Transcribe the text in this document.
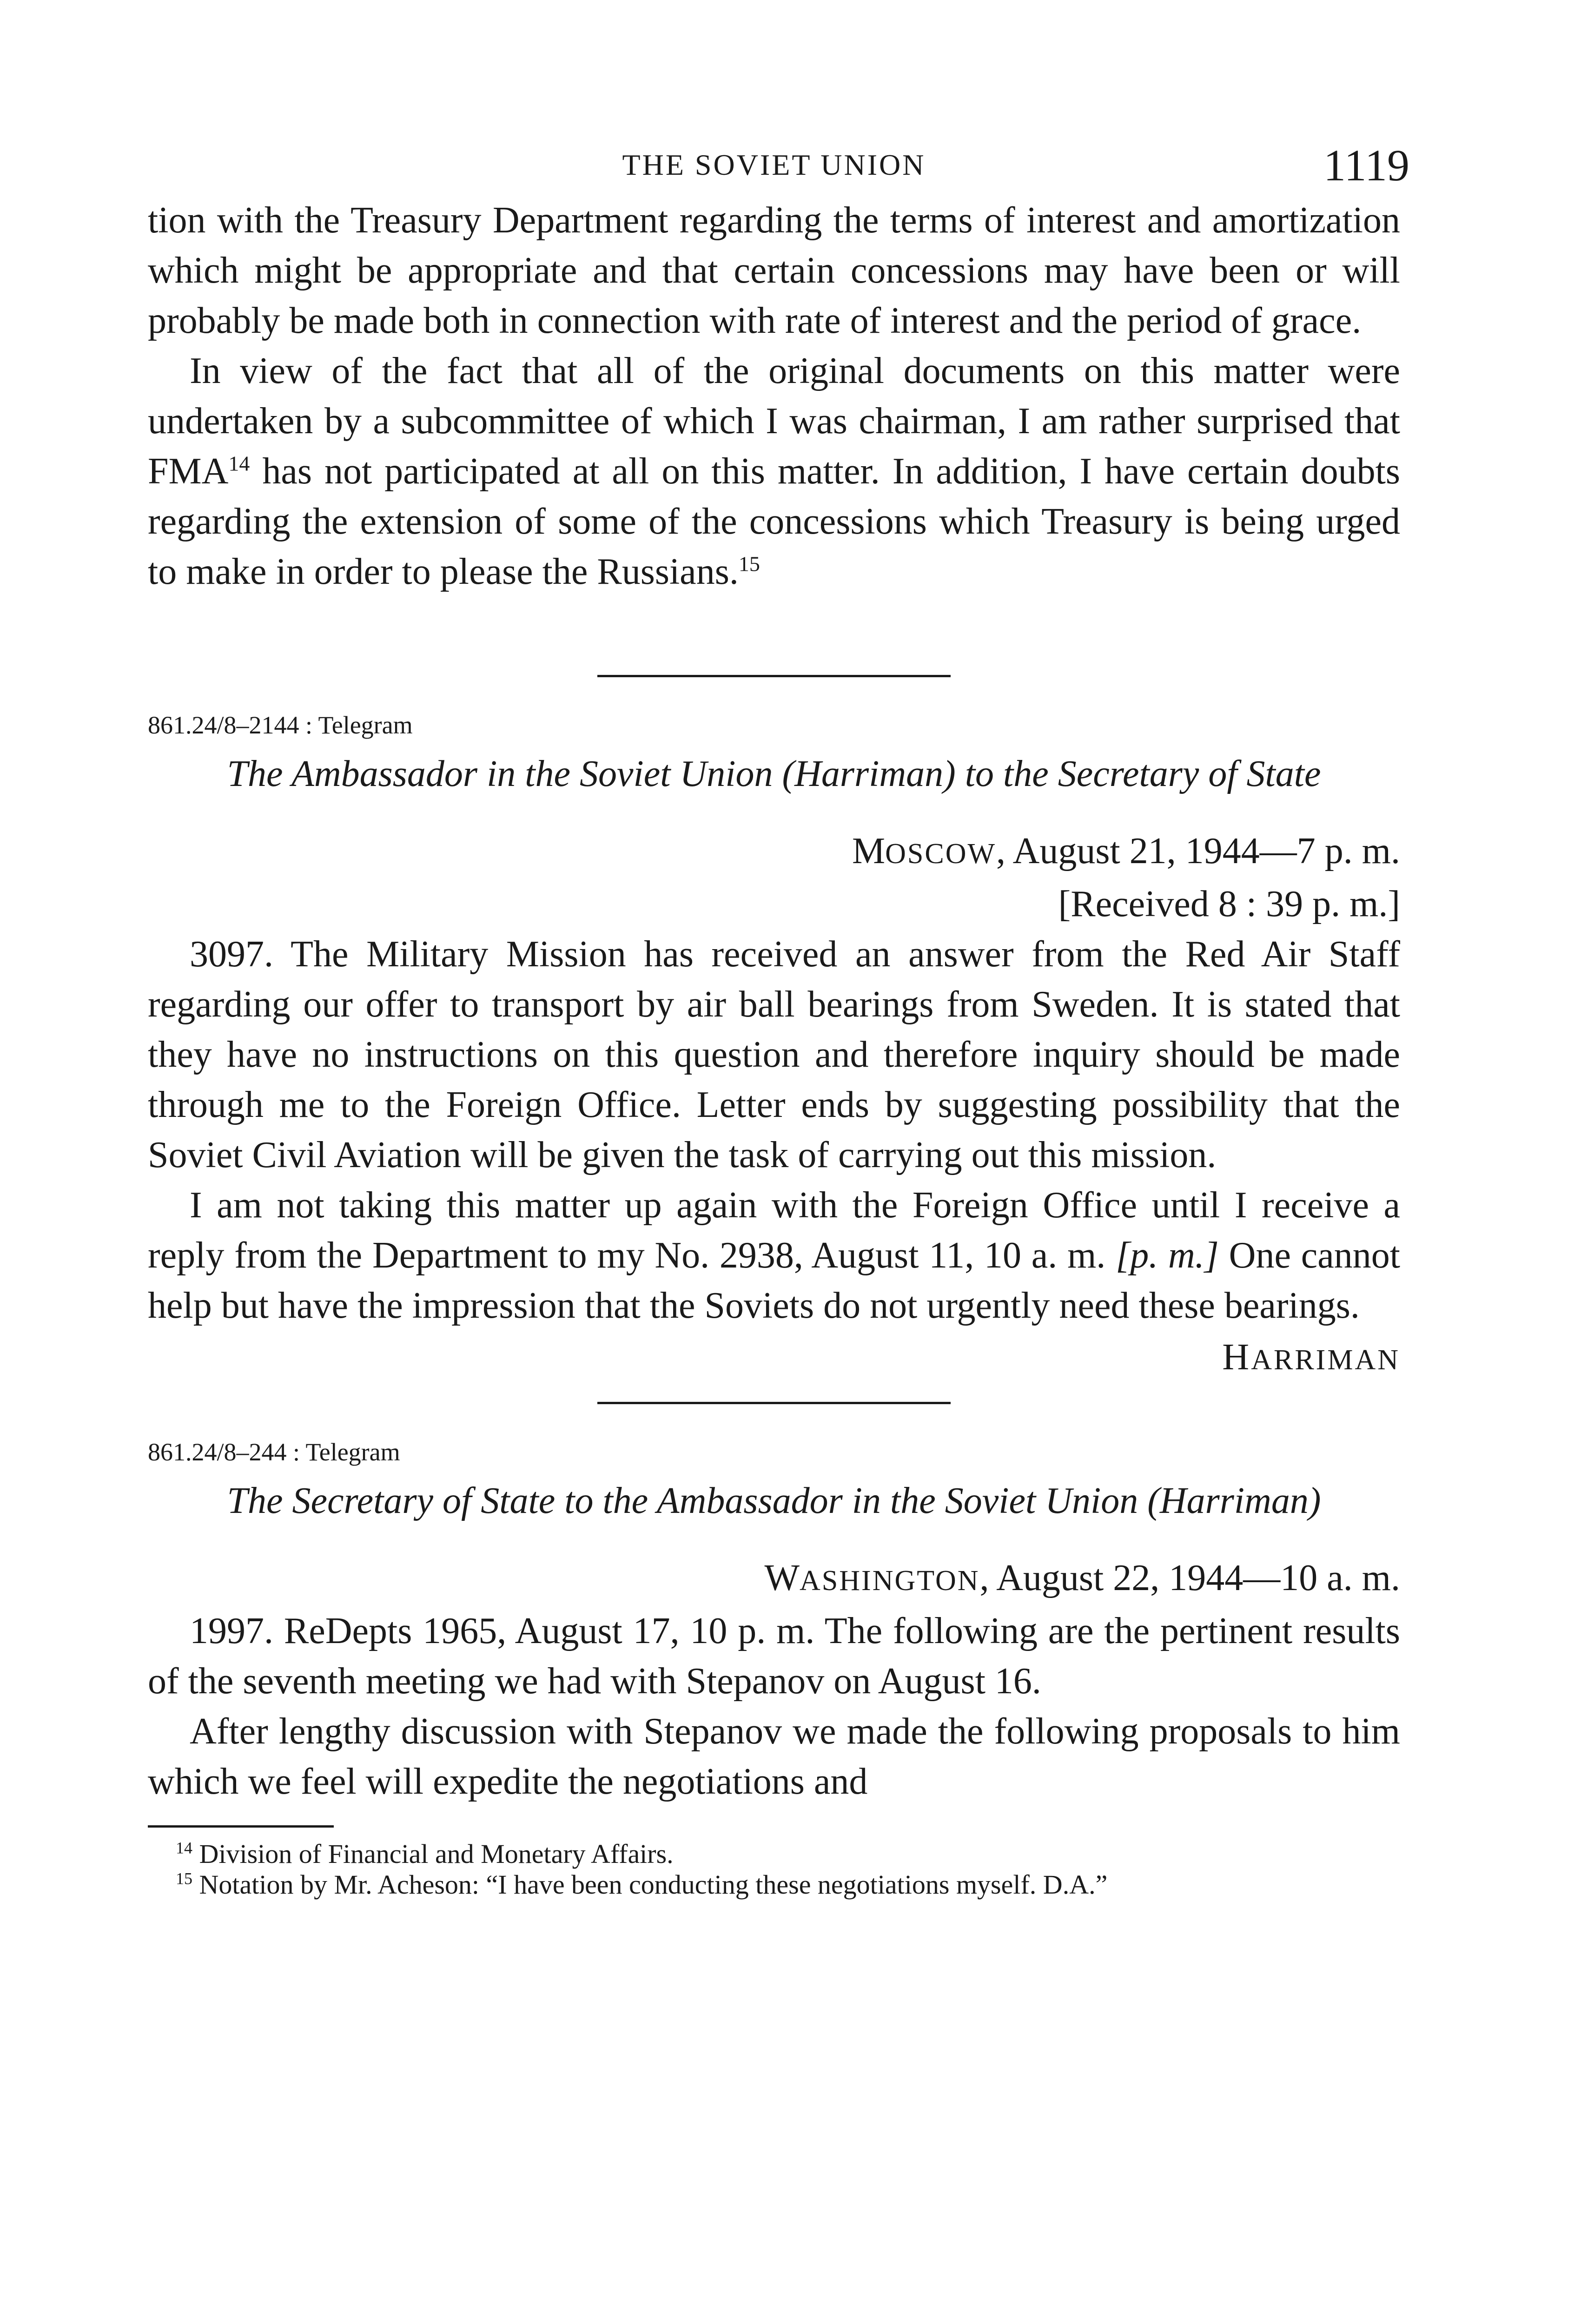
THE SOVIET UNION	1119

tion with the Treasury Department regarding the terms of interest and amortization which might be appropriate and that certain concessions may have been or will probably be made both in connection with rate of interest and the period of grace.

In view of the fact that all of the original documents on this matter were undertaken by a subcommittee of which I was chairman, I am rather surprised that FMA$^{14}$ has not participated at all on this matter. In addition, I have certain doubts regarding the extension of some of the concessions which Treasury is being urged to make in order to please the Russians.$^{15}$

861.24/8–2144 : Telegram
The Ambassador in the Soviet Union (Harriman) to the Secretary of State
MOSCOW, August 21, 1944—7 p. m.
[Received 8 : 39 p. m.]

3097. The Military Mission has received an answer from the Red Air Staff regarding our offer to transport by air ball bearings from Sweden. It is stated that they have no instructions on this question and therefore inquiry should be made through me to the Foreign Office. Letter ends by suggesting possibility that the Soviet Civil Aviation will be given the task of carrying out this mission.

I am not taking this matter up again with the Foreign Office until I receive a reply from the Department to my No. 2938, August 11, 10 a. m. [p. m.] One cannot help but have the impression that the Soviets do not urgently need these bearings.

HARRIMAN
861.24/8–244 : Telegram
The Secretary of State to the Ambassador in the Soviet Union (Harriman)
WASHINGTON, August 22, 1944—10 a. m.

1997. ReDepts 1965, August 17, 10 p. m. The following are the pertinent results of the seventh meeting we had with Stepanov on August 16.

After lengthy discussion with Stepanov we made the following proposals to him which we feel will expedite the negotiations and

$^{14}$ Division of Financial and Monetary Affairs.

$^{15}$ Notation by Mr. Acheson: “I have been conducting these negotiations myself. D.A.”
